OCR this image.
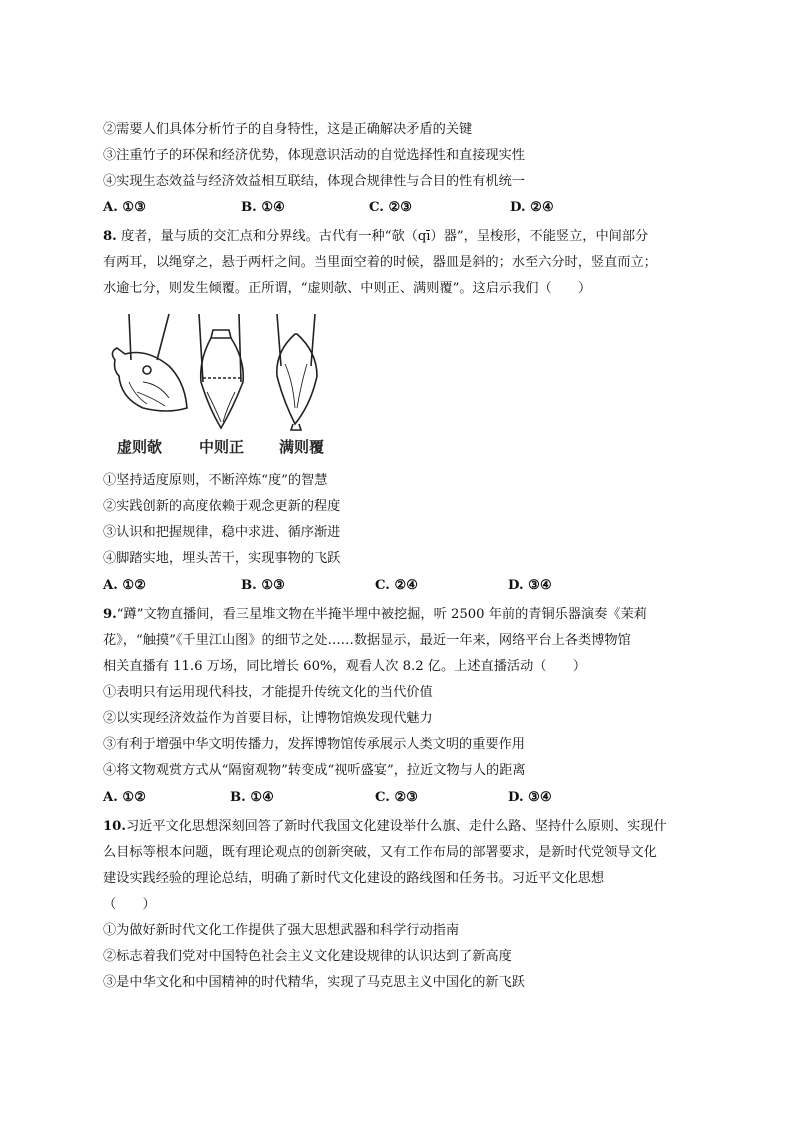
②需要人们具体分析竹子的自身特性，这是正确解决矛盾的关键
③注重竹子的环保和经济优势，体现意识活动的自觉选择性和直接现实性
④实现生态效益与经济效益相互联结，体现合规律性与合目的性有机统一
A. ①③	B. ①④	C. ②③	D. ②④
8. 度者，量与质的交汇点和分界线。古代有一种“欹（qī）器”，呈梭形，不能竖立，中间部分
有两耳，以绳穿之，悬于两杆之间。当里面空着的时候，器皿是斜的；水至六分时，竖直而立；
水逾七分，则发生倾覆。正所谓，“虚则欹、中则正、满则覆”。这启示我们（　　）
虚则欹 中则正 满则覆
①坚持适度原则，不断淬炼“度”的智慧
②实践创新的高度依赖于观念更新的程度
③认识和把握规律，稳中求进、循序渐进
④脚踏实地，埋头苦干，实现事物的飞跃
A. ①②	B. ①③	C. ②④	D. ③④
9.“蹲”文物直播间，看三星堆文物在半掩半埋中被挖掘，听 2500 年前的青铜乐器演奏《茉莉
花》，“触摸”《千里江山图》的细节之处……数据显示，最近一年来，网络平台上各类博物馆
相关直播有 11.6 万场，同比增长 60%，观看人次 8.2 亿。上述直播活动（　　）
①表明只有运用现代科技，才能提升传统文化的当代价值
②以实现经济效益作为首要目标，让博物馆焕发现代魅力
③有利于增强中华文明传播力，发挥博物馆传承展示人类文明的重要作用
④将文物观赏方式从“隔窗观物”转变成“视听盛宴”，拉近文物与人的距离
A. ①②	B. ①④	C. ②③	D. ③④
10.习近平文化思想深刻回答了新时代我国文化建设举什么旗、走什么路、坚持什么原则、实现什
么目标等根本问题，既有理论观点的创新突破，又有工作布局的部署要求，是新时代党领导文化
建设实践经验的理论总结，明确了新时代文化建设的路线图和任务书。习近平文化思想
（　　）
①为做好新时代文化工作提供了强大思想武器和科学行动指南
②标志着我们党对中国特色社会主义文化建设规律的认识达到了新高度
③是中华文化和中国精神的时代精华，实现了马克思主义中国化的新飞跃
